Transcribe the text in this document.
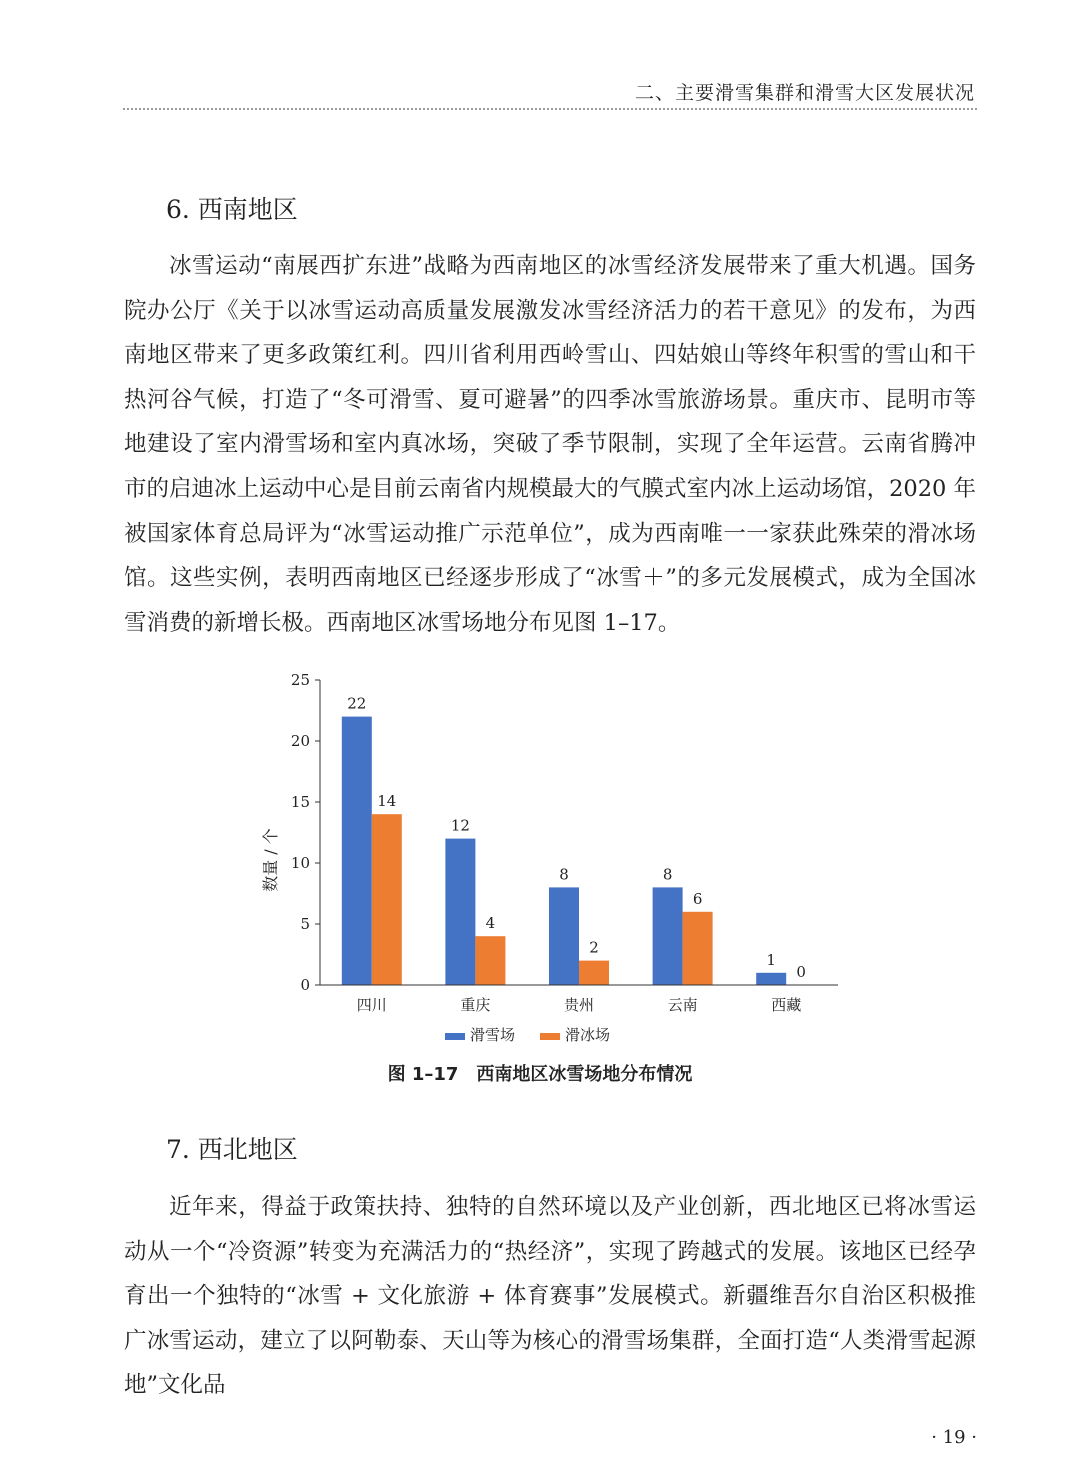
二、主要滑雪集群和滑雪大区发展状况
6. 西南地区

冰雪运动“南展西扩东进”战略为西南地区的冰雪经济发展带来了重大机遇。国务院办公厅《关于以冰雪运动高质量发展激发冰雪经济活力的若干意见》的发布，为西南地区带来了更多政策红利。四川省利用西岭雪山、四姑娘山等终年积雪的雪山和干热河谷气候，打造了“冬可滑雪、夏可避暑”的四季冰雪旅游场景。重庆市、昆明市等地建设了室内滑雪场和室内真冰场，突破了季节限制，实现了全年运营。云南省腾冲市的启迪冰上运动中心是目前云南省内规模最大的气膜式室内冰上运动场馆，2020 年被国家体育总局评为“冰雪运动推广示范单位”，成为西南唯一一家获此殊荣的滑冰场馆。这些实例，表明西南地区已经逐步形成了“冰雪＋”的多元发展模式，成为全国冰雪消费的新增长极。西南地区冰雪场地分布见图 1–17。

0
5
10
15
20
25
22
14
12
4
8
2
8
6
1
0
四川	重庆	贵州	云南	西藏
数量 / 个
滑雪场	滑冰场
图 1–17　西南地区冰雪场地分布情况
7. 西北地区

近年来，得益于政策扶持、独特的自然环境以及产业创新，西北地区已将冰雪运动从一个“冷资源”转变为充满活力的“热经济”，实现了跨越式的发展。该地区已经孕育出一个独特的“冰雪 + 文化旅游 + 体育赛事”发展模式。新疆维吾尔自治区积极推广冰雪运动，建立了以阿勒泰、天山等为核心的滑雪场集群，全面打造“人类滑雪起源地”文化品

· 19 ·
